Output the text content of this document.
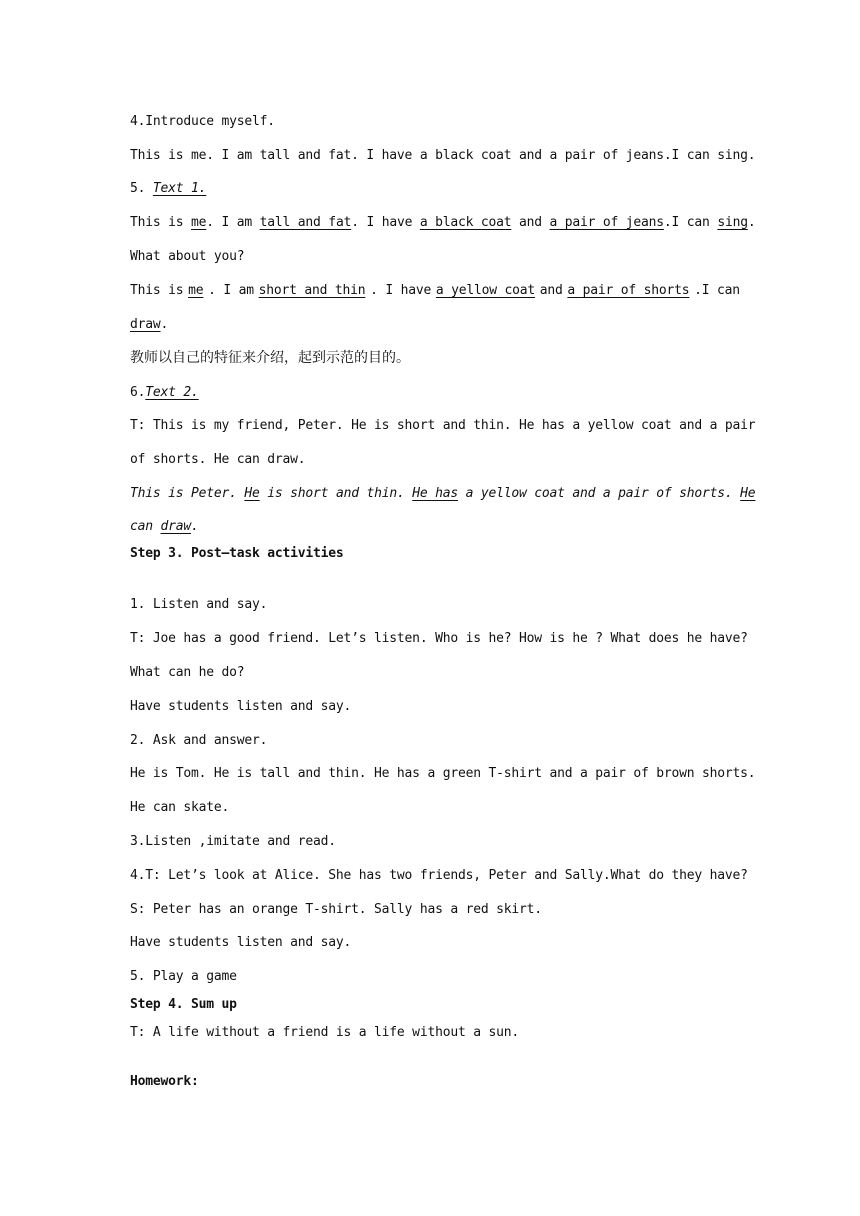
4.Introduce myself.
This is me. I am tall and fat. I have a black coat and a pair of jeans.I can sing.
5. Text 1.
This is me. I am tall and fat. I have a black coat and a pair of jeans.I can sing.
What about you?
This is me . I am short and thin . I have a yellow coat and a pair of shorts .I can
draw.
教师以自己的特征来介绍，起到示范的目的。
6.Text 2.
T: This is my friend, Peter. He is short and thin. He has a yellow coat and a pair
of shorts. He can draw.
This is Peter. He is short and thin. He has a yellow coat and a pair of shorts. He
can draw.
Step 3. Post—task activities
1. Listen and say.
T: Joe has a good friend. Let’s listen. Who is he? How is he ? What does he have?
What can he do?
Have students listen and say.
2. Ask and answer.
He is Tom. He is tall and thin. He has a green T-shirt and a pair of brown shorts.
He can skate.
3.Listen ,imitate and read.
4.T: Let’s look at Alice. She has two friends, Peter and Sally.What do they have?
S: Peter has an orange T-shirt. Sally has a red skirt.
Have students listen and say.
5. Play a game
Step 4. Sum up
T: A life without a friend is a life without a sun.
Homework:
